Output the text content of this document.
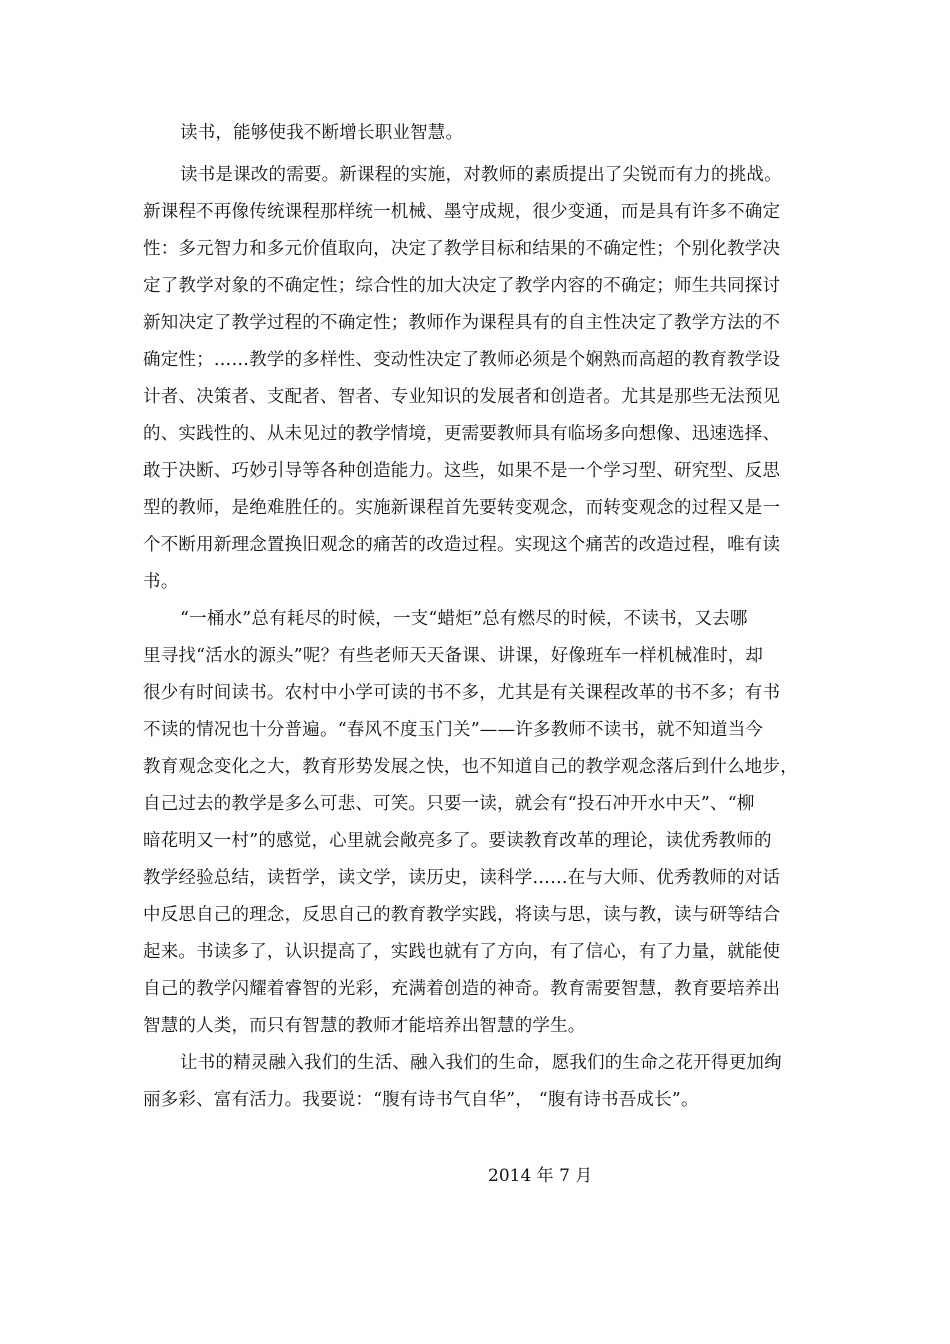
读书，能够使我不断增长职业智慧。
读书是课改的需要。新课程的实施，对教师的素质提出了尖锐而有力的挑战。
新课程不再像传统课程那样统一机械、墨守成规，很少变通，而是具有许多不确定
性：多元智力和多元价值取向，决定了教学目标和结果的不确定性；个别化教学决
定了教学对象的不确定性；综合性的加大决定了教学内容的不确定；师生共同探讨
新知决定了教学过程的不确定性；教师作为课程具有的自主性决定了教学方法的不
确定性；……教学的多样性、变动性决定了教师必须是个娴熟而高超的教育教学设
计者、决策者、支配者、智者、专业知识的发展者和创造者。尤其是那些无法预见
的、实践性的、从未见过的教学情境，更需要教师具有临场多向想像、迅速选择、
敢于决断、巧妙引导等各种创造能力。这些，如果不是一个学习型、研究型、反思
型的教师，是绝难胜任的。实施新课程首先要转变观念，而转变观念的过程又是一
个不断用新理念置换旧观念的痛苦的改造过程。实现这个痛苦的改造过程，唯有读
书。
“一桶水”总有耗尽的时候，一支“蜡炬”总有燃尽的时候，不读书，又去哪
里寻找“活水的源头”呢？有些老师天天备课、讲课，好像班车一样机械准时，却
很少有时间读书。农村中小学可读的书不多，尤其是有关课程改革的书不多；有书
不读的情况也十分普遍。“春风不度玉门关”——许多教师不读书，就不知道当今
教育观念变化之大，教育形势发展之快，也不知道自己的教学观念落后到什么地步，
自己过去的教学是多么可悲、可笑。只要一读，就会有“投石冲开水中天”、“柳
暗花明又一村”的感觉，心里就会敞亮多了。要读教育改革的理论，读优秀教师的
教学经验总结，读哲学，读文学，读历史，读科学……在与大师、优秀教师的对话
中反思自己的理念，反思自己的教育教学实践，将读与思，读与教，读与研等结合
起来。书读多了，认识提高了，实践也就有了方向，有了信心，有了力量，就能使
自己的教学闪耀着睿智的光彩，充满着创造的神奇。教育需要智慧，教育要培养出
智慧的人类，而只有智慧的教师才能培养出智慧的学生。
让书的精灵融入我们的生活、融入我们的生命，愿我们的生命之花开得更加绚
丽多彩、富有活力。我要说：“腹有诗书气自华”， “腹有诗书吾成长”。
2014 年 7 月
